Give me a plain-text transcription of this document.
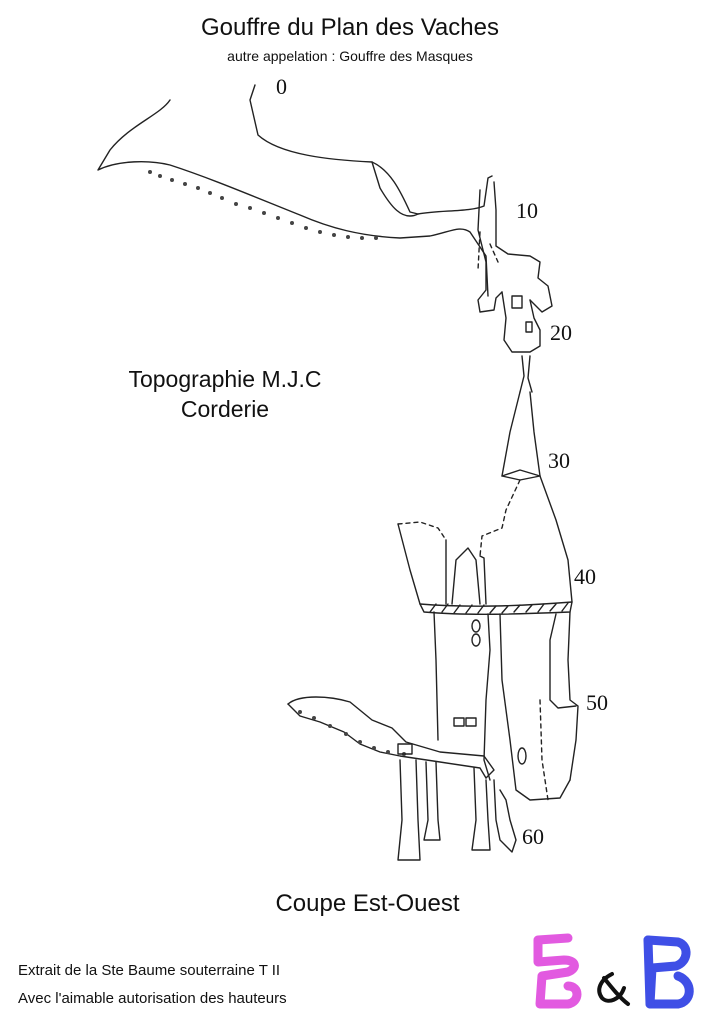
Gouffre du Plan des Vaches
autre appelation : Gouffre des Masques
0
10
20
30
40
50
60
Topographie M.J.C
Corderie
Coupe Est-Ouest
Extrait de la Ste Baume souterraine T II
Avec l'aimable autorisation des hauteurs
